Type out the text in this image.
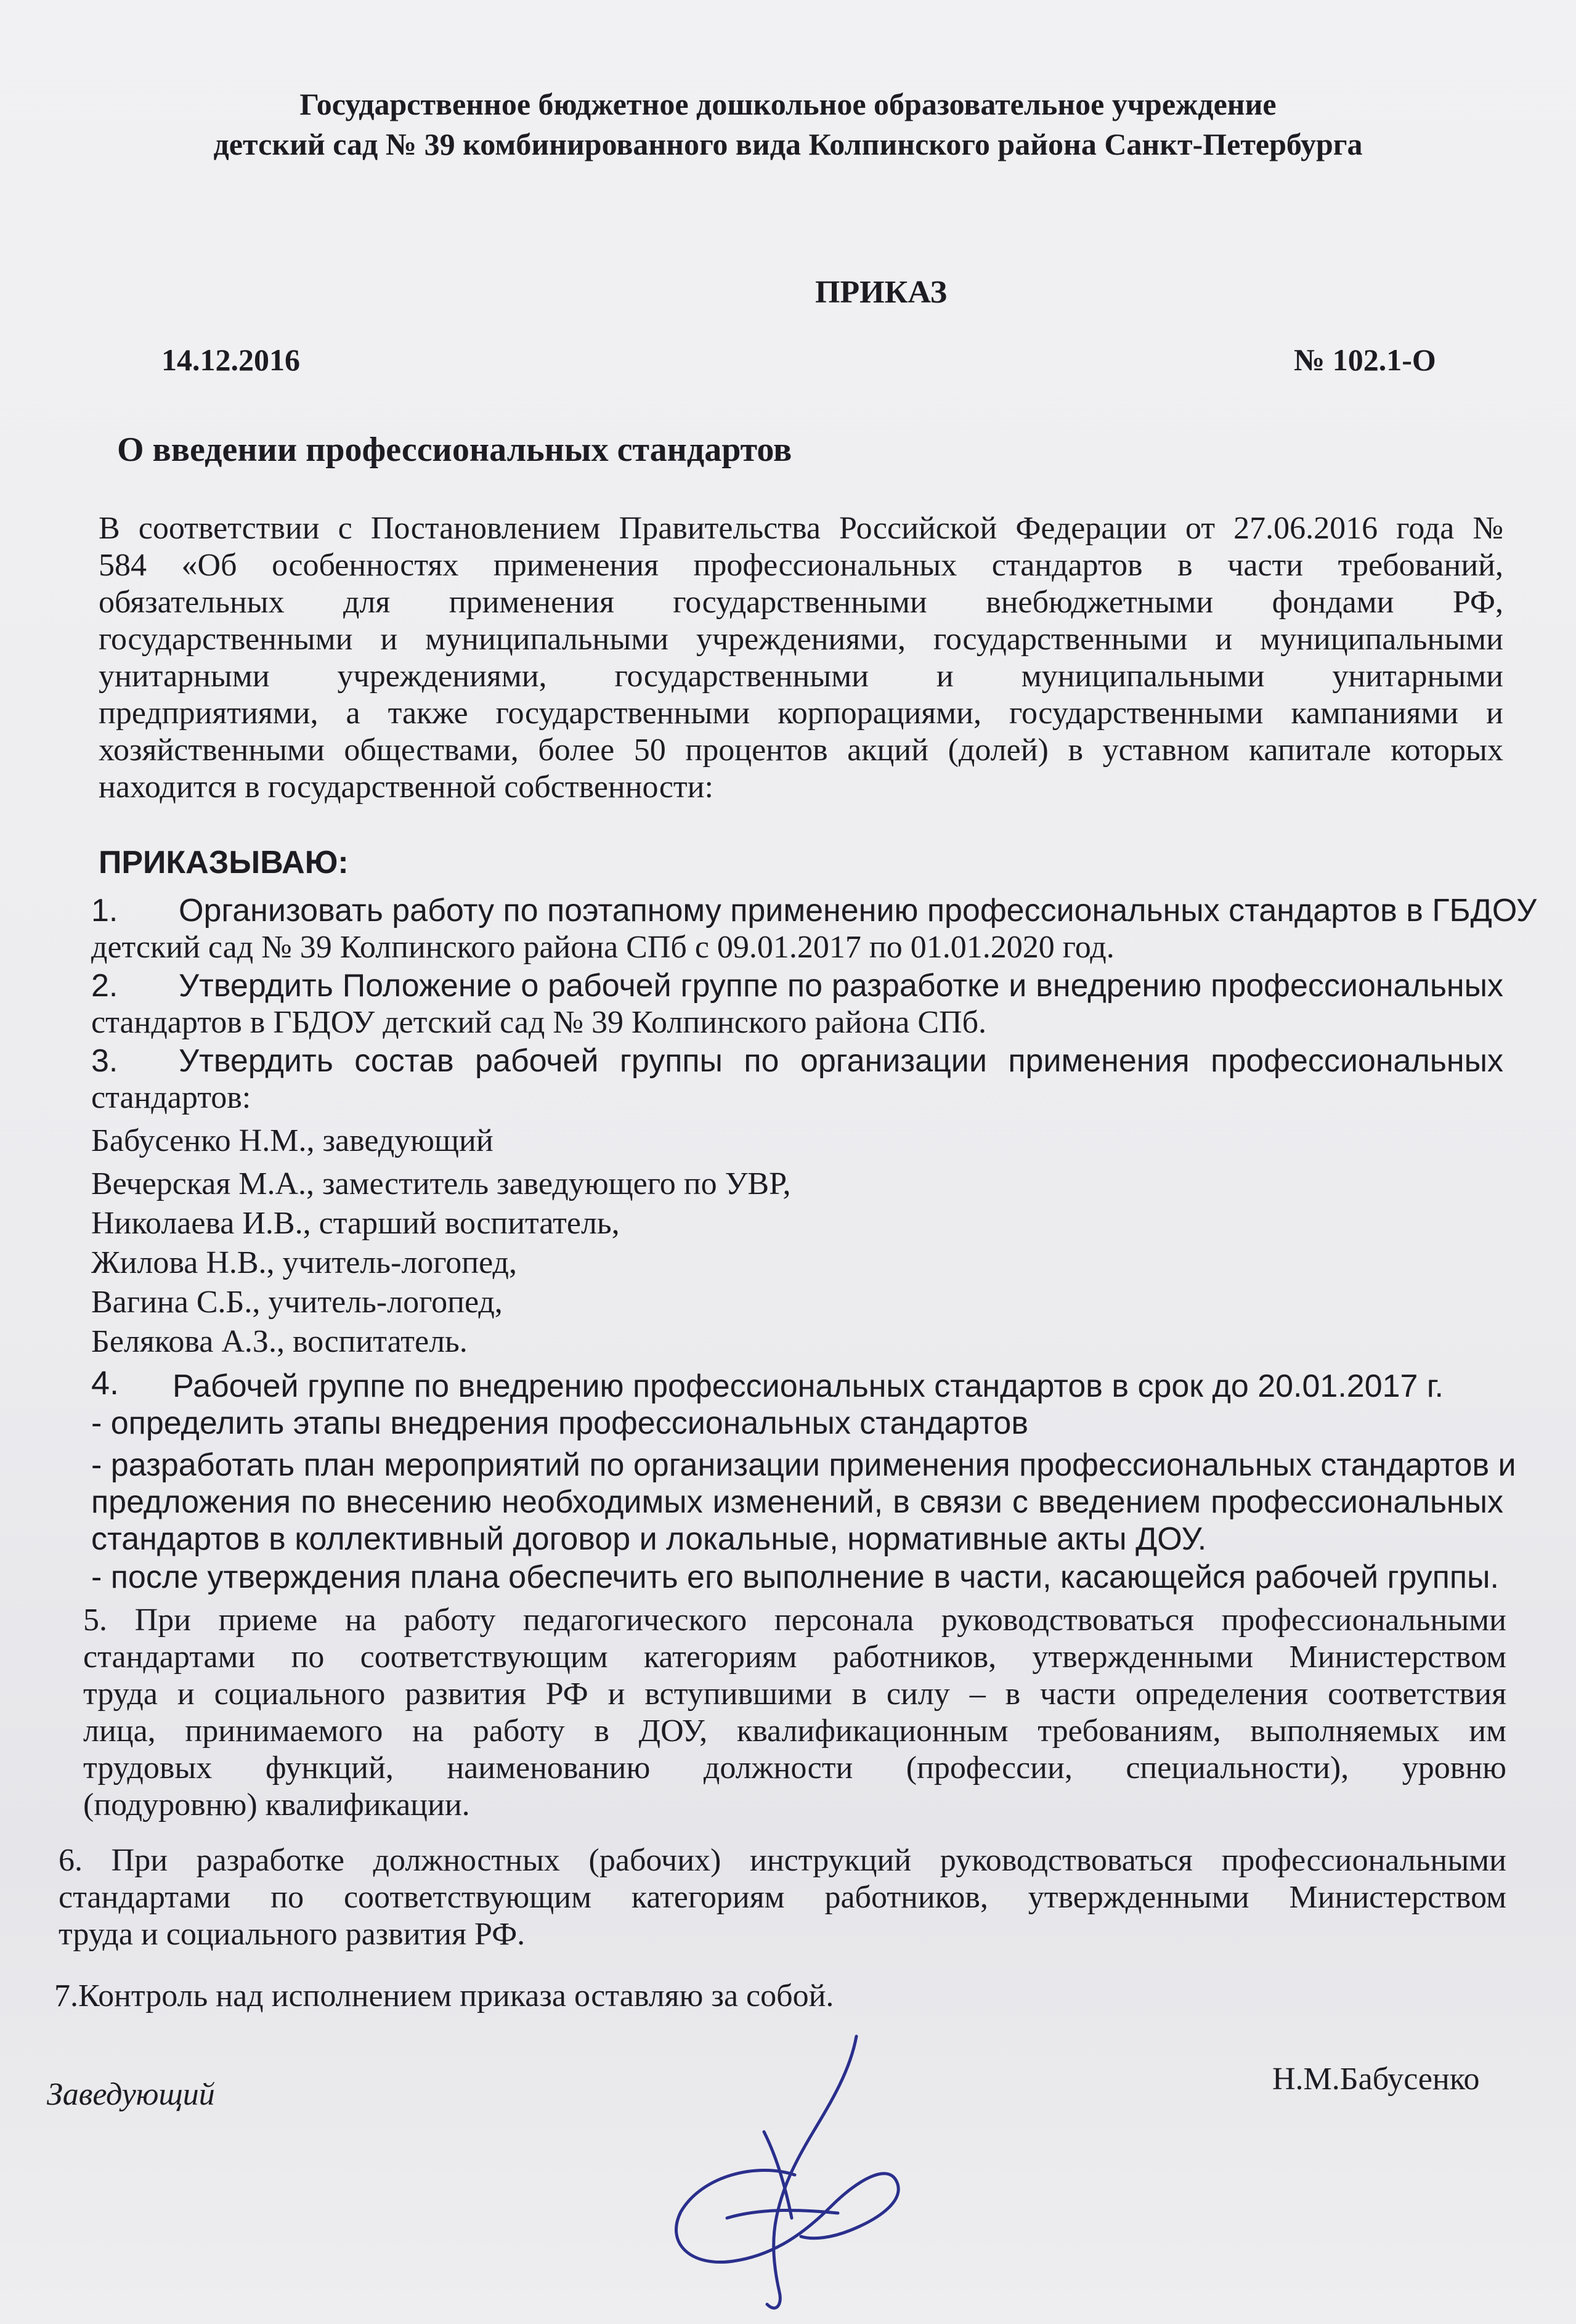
Государственное бюджетное дошкольное образовательное учреждение
детский сад № 39 комбинированного вида Колпинского района Санкт-Петербурга
ПРИКАЗ
14.12.2016	№ 102.1-О
О введении профессиональных стандартов
В соответствии с Постановлением Правительства Российской Федерации от 27.06.2016 года №
584 «Об особенностях применения профессиональных стандартов в части требований,
обязательных для применения государственными внебюджетными фондами РФ,
государственными и муниципальными учреждениями, государственными и муниципальными
унитарными учреждениями, государственными и муниципальными унитарными
предприятиями, а также государственными корпорациями, государственными кампаниями и
хозяйственными обществами, более 50 процентов акций (долей) в уставном капитале которых
находится в государственной собственности:
ПРИКАЗЫВАЮ:
1. Организовать работу по поэтапному применению профессиональных стандартов в ГБДОУ
детский сад № 39 Колпинского района СПб с 09.01.2017 по 01.01.2020 год.
2. Утвердить Положение о рабочей группе по разработке и внедрению профессиональных
стандартов в ГБДОУ детский сад № 39 Колпинского района СПб.
3. Утвердить состав рабочей группы по организации применения профессиональных
стандартов:
Бабусенко Н.М., заведующий
Вечерская М.А., заместитель заведующего по УВР,
Николаева И.В., старший воспитатель,
Жилова Н.В., учитель-логопед,
Вагина С.Б., учитель-логопед,
Белякова А.З., воспитатель.
4. Рабочей группе по внедрению профессиональных стандартов в срок до 20.01.2017 г.
- определить этапы внедрения профессиональных стандартов
- разработать план мероприятий по организации применения профессиональных стандартов и
предложения по внесению необходимых изменений, в связи с введением профессиональных
стандартов в коллективный договор и локальные, нормативные акты ДОУ.
- после утверждения плана обеспечить его выполнение в части, касающейся рабочей группы.
5. При приеме на работу педагогического персонала руководствоваться профессиональными
стандартами по соответствующим категориям работников, утвержденными Министерством
труда и социального развития РФ и вступившими в силу – в части определения соответствия
лица, принимаемого на работу в ДОУ, квалификационным требованиям, выполняемых им
трудовых функций, наименованию должности (профессии, специальности), уровню
(подуровню) квалификации.
6. При разработке должностных (рабочих) инструкций руководствоваться профессиональными
стандартами по соответствующим категориям работников, утвержденными Министерством
труда и социального развития РФ.
7.Контроль над исполнением приказа оставляю за собой.
Заведующий	Н.М.Бабусенко
